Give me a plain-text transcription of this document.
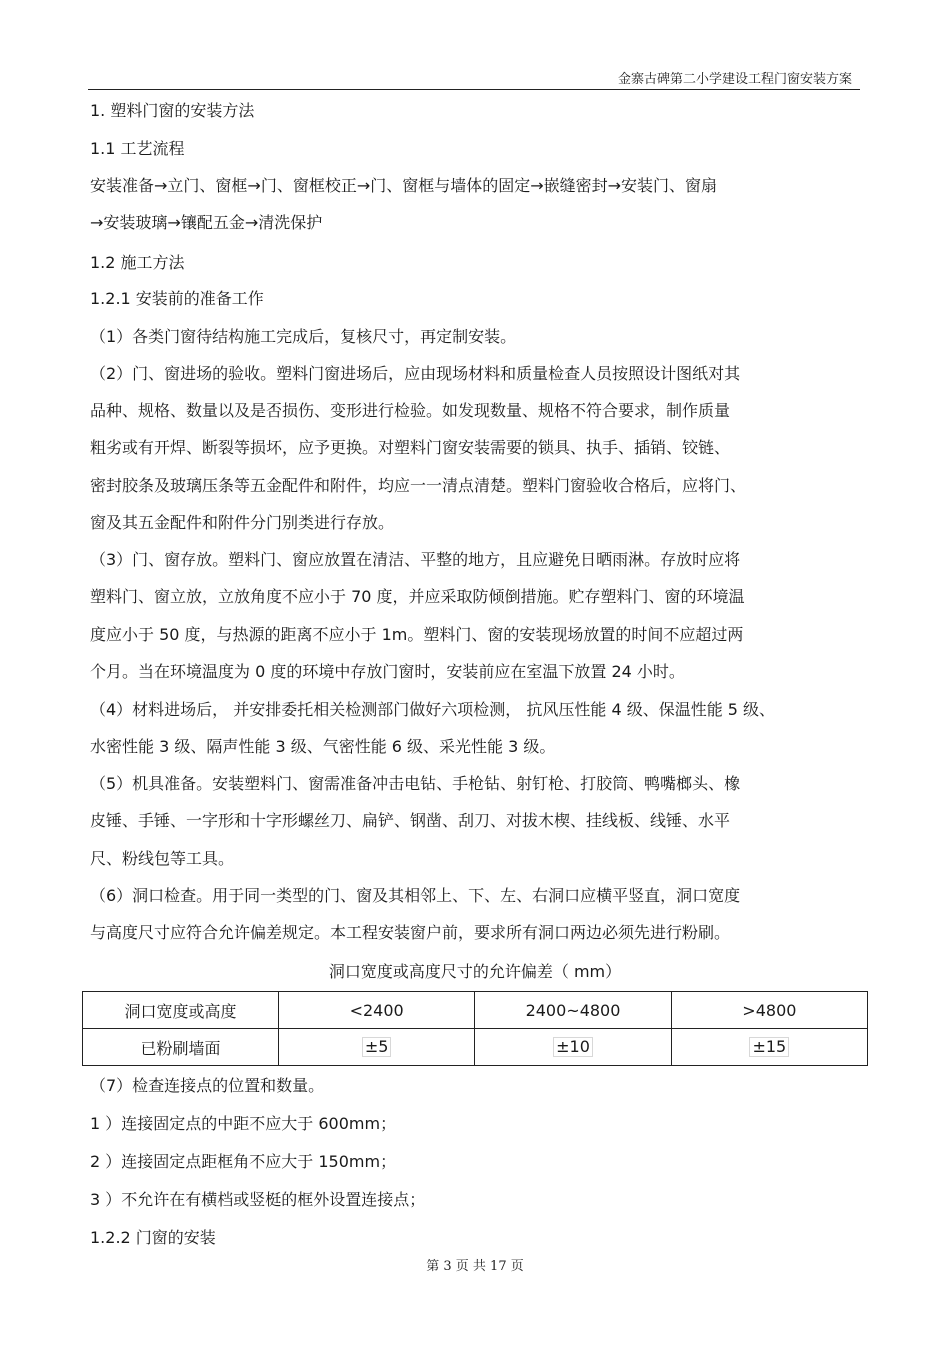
金寨古碑第二小学建设工程门窗安装方案
1. 塑料门窗的安装方法
1.1 工艺流程
安装准备→立门、窗框→门、窗框校正→门、窗框与墙体的固定→嵌缝密封→安装门、窗扇
→安装玻璃→镶配五金→清洗保护
1.2 施工方法
1.2.1 安装前的准备工作
（1）各类门窗待结构施工完成后，复核尺寸，再定制安装。
（2）门、窗进场的验收。塑料门窗进场后，应由现场材料和质量检查人员按照设计图纸对其
品种、规格、数量以及是否损伤、变形进行检验。如发现数量、规格不符合要求，制作质量
粗劣或有开焊、断裂等损坏，应予更换。对塑料门窗安装需要的锁具、执手、插销、铰链、
密封胶条及玻璃压条等五金配件和附件，均应一一清点清楚。塑料门窗验收合格后，应将门、
窗及其五金配件和附件分门别类进行存放。
（3）门、窗存放。塑料门、窗应放置在清洁、平整的地方，且应避免日晒雨淋。存放时应将
塑料门、窗立放，立放角度不应小于 70 度，并应采取防倾倒措施。贮存塑料门、窗的环境温
度应小于 50 度，与热源的距离不应小于 1m。塑料门、窗的安装现场放置的时间不应超过两
个月。当在环境温度为 0 度的环境中存放门窗时，安装前应在室温下放置 24 小时。
（4）材料进场后， 并安排委托相关检测部门做好六项检测， 抗风压性能 4 级、保温性能 5 级、
水密性能 3 级、隔声性能 3 级、气密性能 6 级、采光性能 3 级。
（5）机具准备。安装塑料门、窗需准备冲击电钻、手枪钻、射钉枪、打胶筒、鸭嘴榔头、橡
皮锤、手锤、一字形和十字形螺丝刀、扁铲、钢凿、刮刀、对拔木楔、挂线板、线锤、水平
尺、粉线包等工具。
（6）洞口检查。用于同一类型的门、窗及其相邻上、下、左、右洞口应横平竖直，洞口宽度
与高度尺寸应符合允许偏差规定。本工程安装窗户前，要求所有洞口两边必须先进行粉刷。
洞口宽度或高度尺寸的允许偏差（ mm）
洞口宽度或高度	<2400	2400~4800	>4800
已粉刷墙面	±5	±10	±15
（7）检查连接点的位置和数量。
1 ）连接固定点的中距不应大于 600mm；
2 ）连接固定点距框角不应大于 150mm；
3 ）不允许在有横档或竖梃的框外设置连接点；
1.2.2 门窗的安装
第 3 页 共 17 页
